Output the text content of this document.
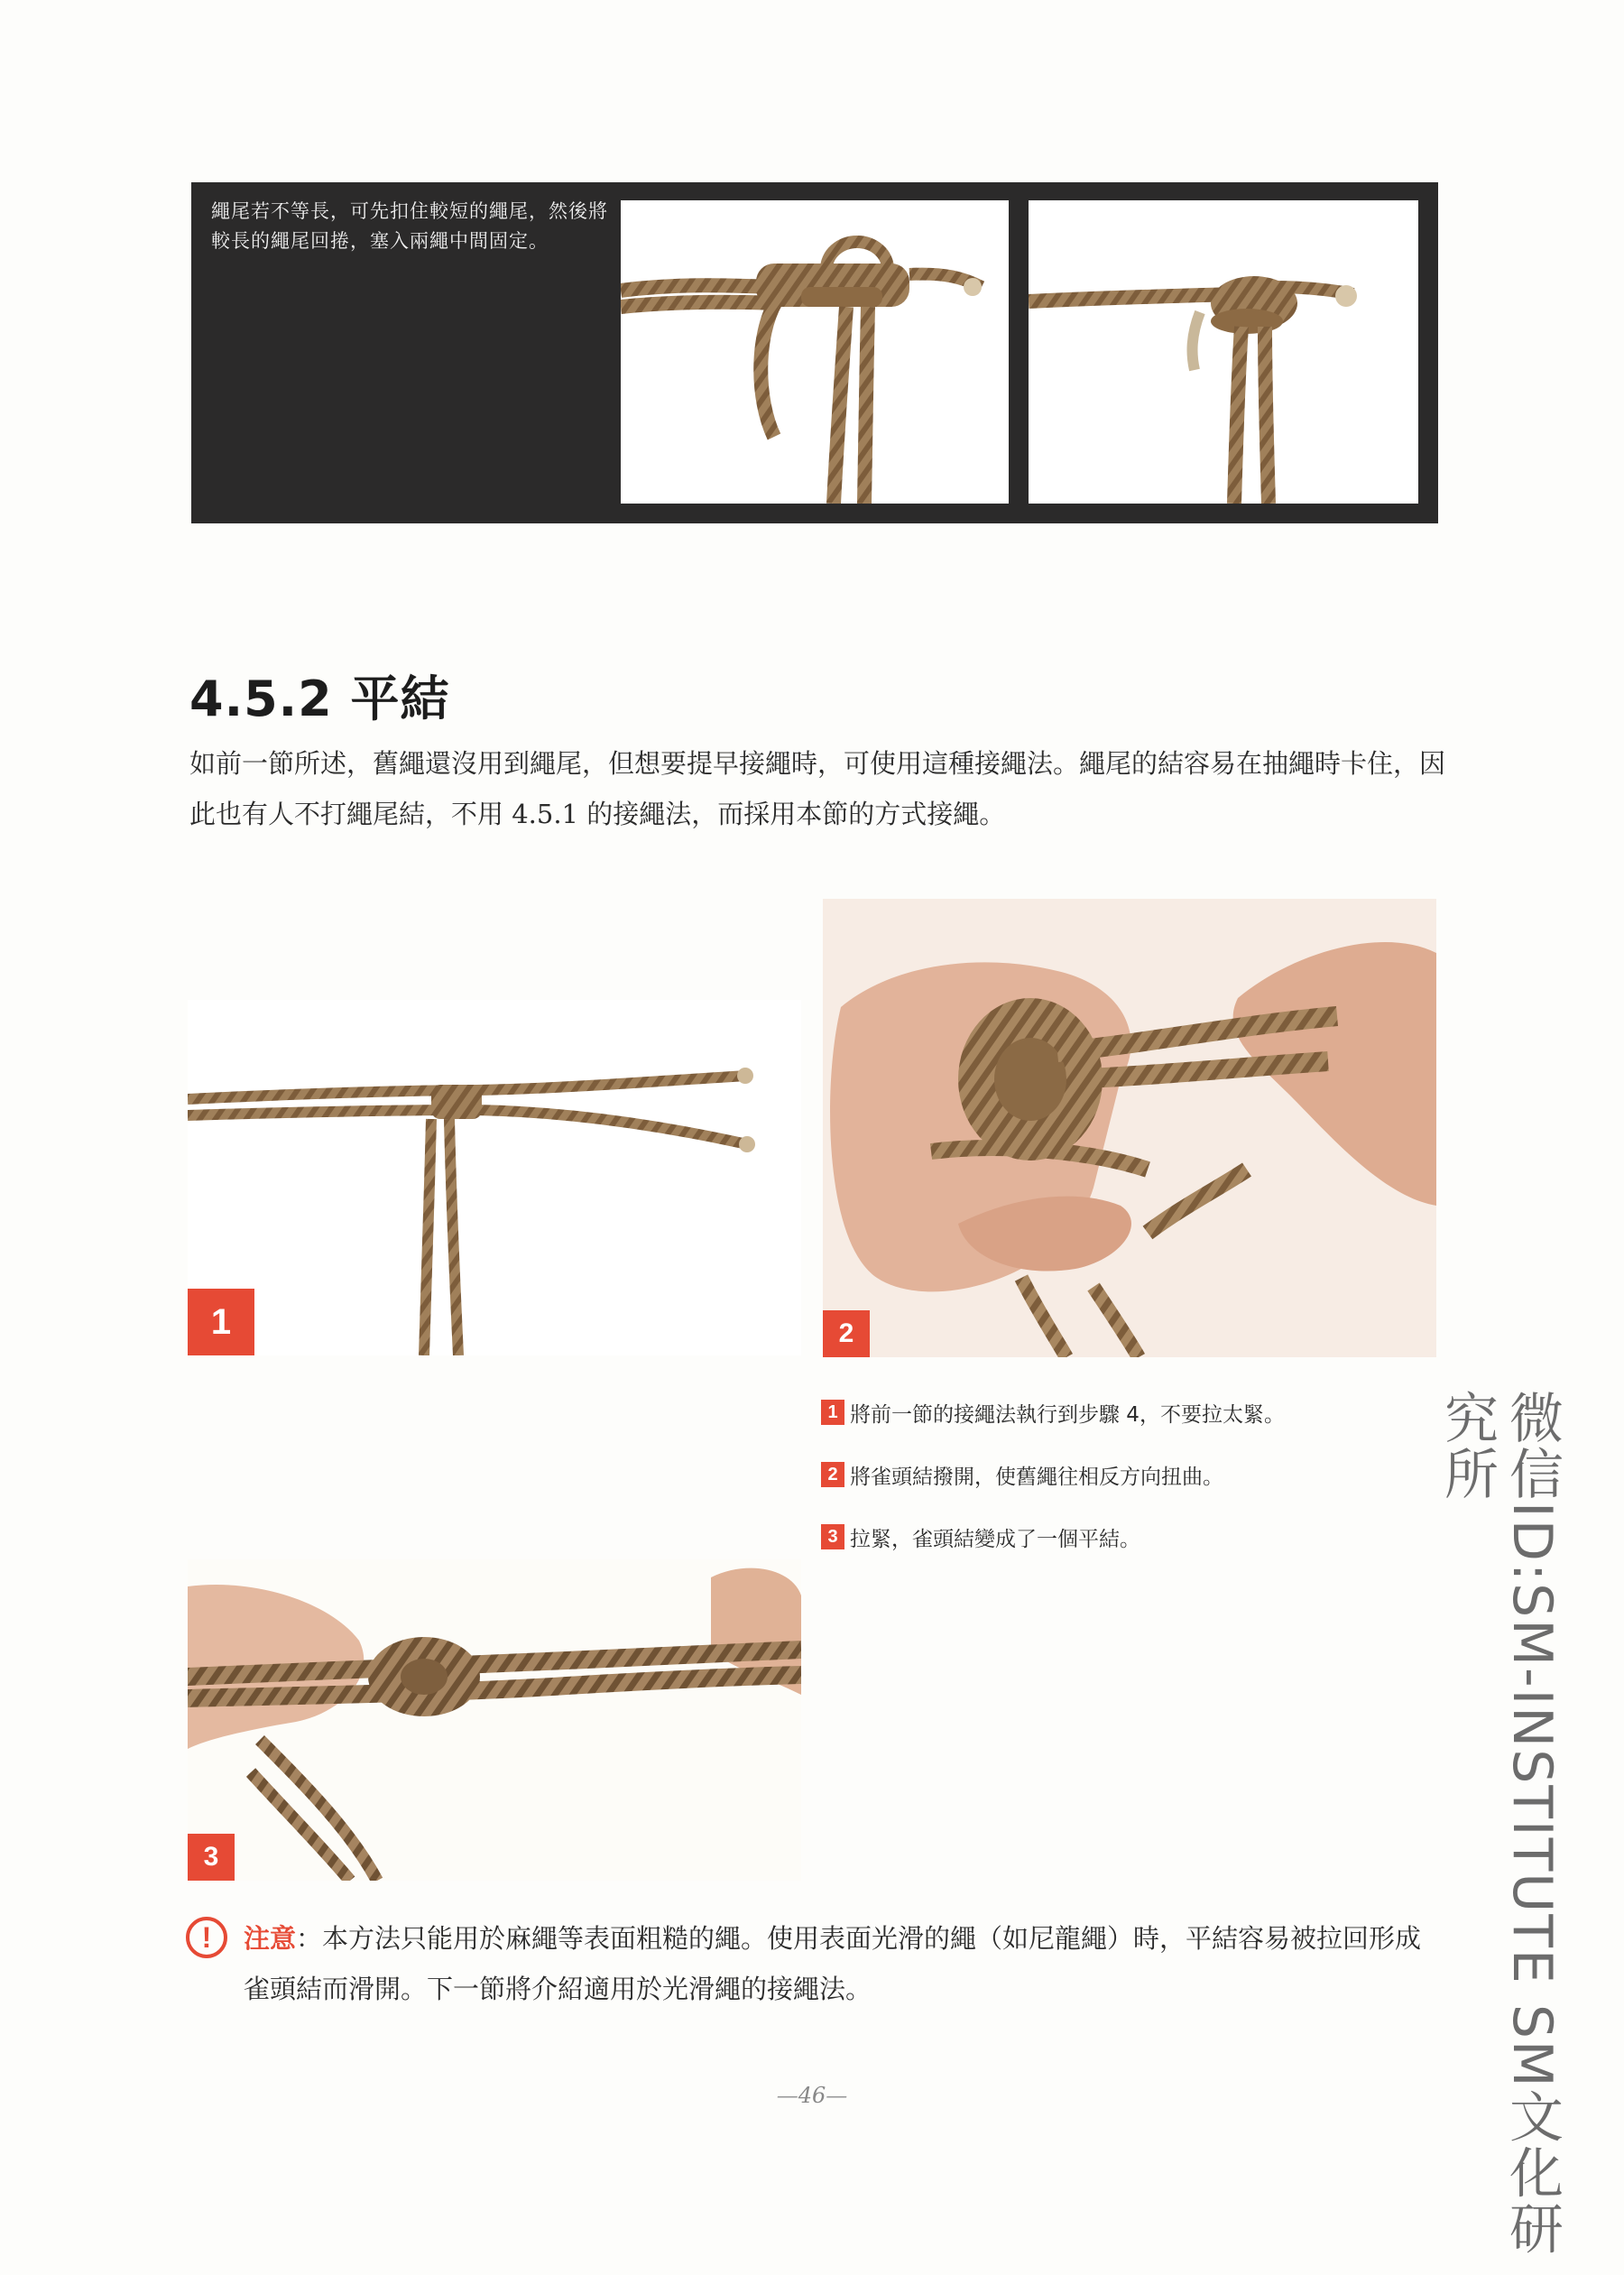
繩尾若不等長，可先扣住較短的繩尾，然後將較長的繩尾回捲，塞入兩繩中間固定。
4.5.2 平結
如前一節所述，舊繩還沒用到繩尾，但想要提早接繩時，可使用這種接繩法。繩尾的結容易在抽繩時卡住，因此也有人不打繩尾結，不用 4.5.1 的接繩法，而採用本節的方式接繩。
1	2
1 將前一節的接繩法執行到步驟 4，不要拉太緊。
2 將雀頭結撥開，使舊繩往相反方向扭曲。
3 拉緊，雀頭結變成了一個平結。
3	微信ID:SM-INSTITUTE SM文化研究所
!	注意：本方法只能用於麻繩等表面粗糙的繩。使用表面光滑的繩（如尼龍繩）時，平結容易被拉回形成雀頭結而滑開。下一節將介紹適用於光滑繩的接繩法。
— 46 —
